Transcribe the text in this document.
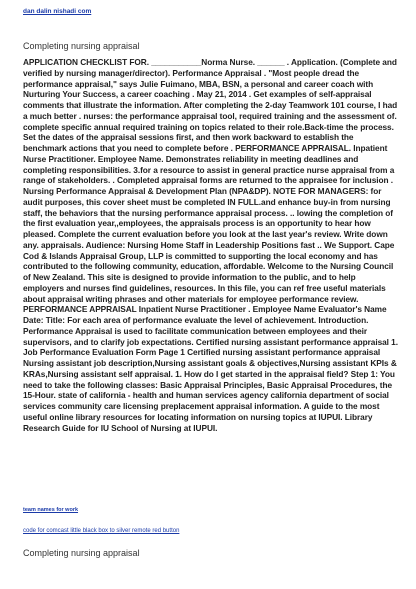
dan dalin nishadi com
Completing nursing appraisal
APPLICATION CHECKLIST FOR. ___________Norma Nurse. ______ . Application. (Complete and verified by nursing manager/director). Performance Appraisal . "Most people dread the performance appraisal," says Julie Fuimano, MBA, BSN, a personal and career coach with Nurturing Your Success, a career coaching . May 21, 2014 . Get examples of self-appraisal comments that illustrate the information. After completing the 2-day Teamwork 101 course, I had a much better . nurses: the performance appraisal tool, required training and the assessment of. complete specific annual required training on topics related to their role.Back-time the process. Set the dates of the appraisal sessions first, and then work backward to establish the benchmark actions that you need to complete before . PERFORMANCE APPRAISAL. Inpatient Nurse Practitioner. Employee Name. Demonstrates reliability in meeting deadlines and completing responsibilities. 3.for a resource to assist in general practice nurse appraisal from a range of stakeholders. . Completed appraisal forms are returned to the appraisee for inclusion . Nursing Performance Appraisal & Development Plan (NPA&DP). NOTE FOR MANAGERS: for audit purposes, this cover sheet must be completed IN FULL.and enhance buy-in from nursing staff, the behaviors that the nursing performance appraisal process. .. lowing the completion of the first evaluation year,,employees, the appraisals process is an opportunity to hear how pleased. Complete the current evaluation before you look at the last year's review. Write down any. appraisals. Audience: Nursing Home Staff in Leadership Positions fast .. We Support. Cape Cod & Islands Appraisal Group, LLP is committed to supporting the local economy and has contributed to the following community, education, affordable. Welcome to the Nursing Council of New Zealand. This site is designed to provide information to the public, and to help employers and nurses find guidelines, resources. In this file, you can ref free useful materials about appraisal writing phrases and other materials for employee performance review. PERFORMANCE APPRAISAL Inpatient Nurse Practitioner . Employee Name Evaluator's Name Date: Title: For each area of performance evaluate the level of achievement. Introduction. Performance Appraisal is used to facilitate communication between employees and their supervisors, and to clarify job expectations. Certified nursing assistant performance appraisal 1. Job Performance Evaluation Form Page 1 Certified nursing assistant performance appraisal Nursing assistant job description,Nursing assistant goals & objectives,Nursing assistant KPIs & KRAs,Nursing assistant self appraisal. 1. How do I get started in the appraisal field? Step 1: You need to take the following classes: Basic Appraisal Principles, Basic Appraisal Procedures, the 15-Hour. state of california - health and human services agency california department of social services community care licensing preplacement appraisal information. A guide to the most useful online library resources for locating information on nursing topics at IUPUI. Library Research Guide for IU School of Nursing at IUPUI.
team names for work
code for comcast little black box to silver remote red button
Completing nursing appraisal
